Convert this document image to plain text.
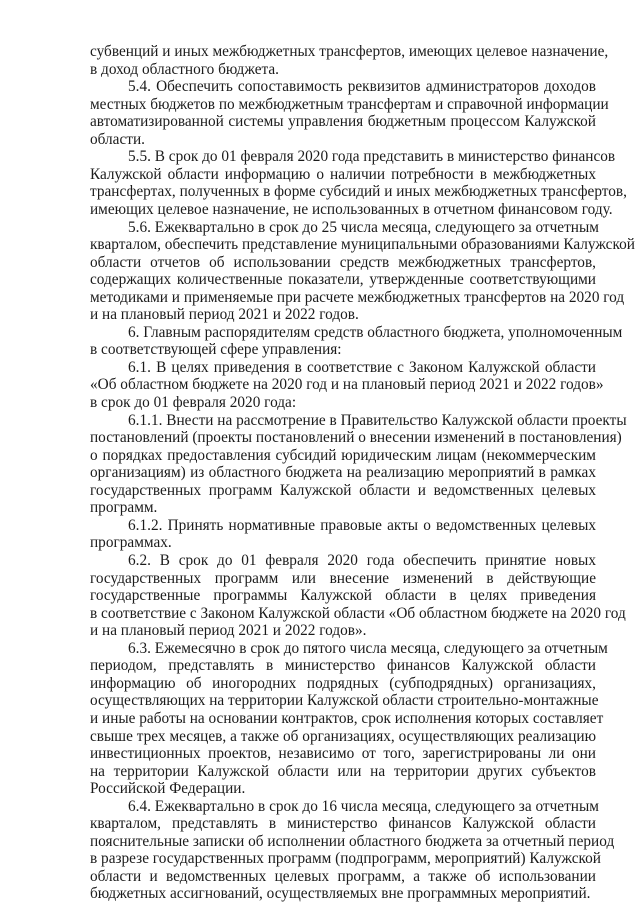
субвенций и иных межбюджетных трансфертов, имеющих целевое назначение,

в доход областного бюджета.

5.4. Обеспечить сопоставимость реквизитов администраторов доходов

местных бюджетов по межбюджетным трансфертам и справочной информации

автоматизированной системы управления бюджетным процессом Калужской

области.

5.5. В срок до 01 февраля 2020 года представить в министерство финансов

Калужской области информацию о наличии потребности в межбюджетных

трансфертах, полученных в форме субсидий и иных межбюджетных трансфертов,

имеющих целевое назначение, не использованных в отчетном финансовом году.

5.6. Ежеквартально в срок до 25 числа месяца, следующего за отчетным

кварталом, обеспечить представление муниципальными образованиями Калужской

области отчетов об использовании средств межбюджетных трансфертов,

содержащих количественные показатели, утвержденные соответствующими

методиками и применяемые при расчете межбюджетных трансфертов на 2020 год

и на плановый период 2021 и 2022 годов.

6. Главным распорядителям средств областного бюджета, уполномоченным

в соответствующей сфере управления:

6.1. В целях приведения в соответствие с Законом Калужской области

«Об областном бюджете на 2020 год и на плановый период 2021 и 2022 годов»

в срок до 01 февраля 2020 года:

6.1.1. Внести на рассмотрение в Правительство Калужской области проекты

постановлений (проекты постановлений о внесении изменений в постановления)

о порядках предоставления субсидий юридическим лицам (некоммерческим

организациям) из областного бюджета на реализацию мероприятий в рамках

государственных программ Калужской области и ведомственных целевых

программ.

6.1.2. Принять нормативные правовые акты о ведомственных целевых

программах.

6.2. В срок до 01 февраля 2020 года обеспечить принятие новых

государственных программ или внесение изменений в действующие

государственные программы Калужской области в целях приведения

в соответствие с Законом Калужской области «Об областном бюджете на 2020 год

и на плановый период 2021 и 2022 годов».

6.3. Ежемесячно в срок до пятого числа месяца, следующего за отчетным

периодом, представлять в министерство финансов Калужской области

информацию об иногородних подрядных (субподрядных) организациях,

осуществляющих на территории Калужской области строительно-монтажные

и иные работы на основании контрактов, срок исполнения которых составляет

свыше трех месяцев, а также об организациях, осуществляющих реализацию

инвестиционных проектов, независимо от того, зарегистрированы ли они

на территории Калужской области или на территории других субъектов

Российской Федерации.

6.4. Ежеквартально в срок до 16 числа месяца, следующего за отчетным

кварталом, представлять в министерство финансов Калужской области

пояснительные записки об исполнении областного бюджета за отчетный период

в разрезе государственных программ (подпрограмм, мероприятий) Калужской

области и ведомственных целевых программ, а также об использовании

бюджетных ассигнований, осуществляемых вне программных мероприятий.
